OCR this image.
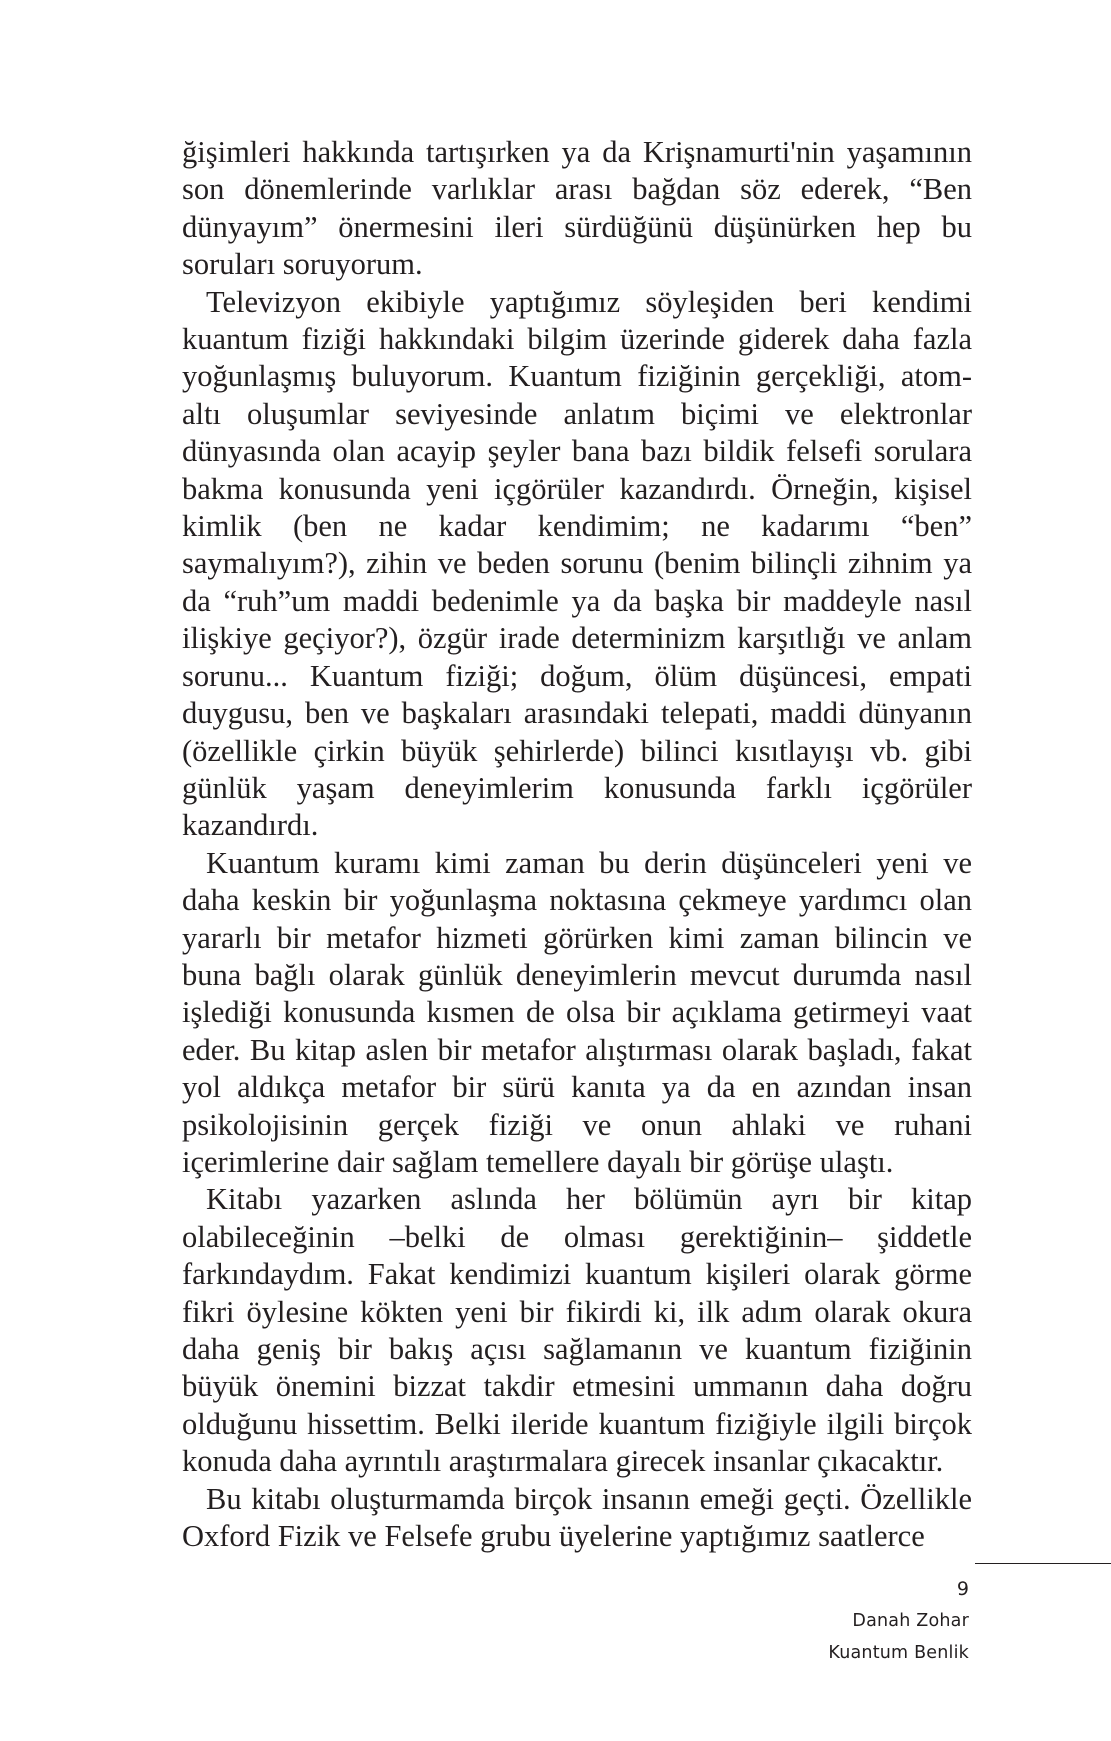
ğişimleri hakkında tartışırken ya da Krişnamurti'nin yaşamının son dönemlerinde varlıklar arası bağdan söz ederek, “Ben dünyayım” önermesini ileri sürdüğünü düşünürken hep bu soruları soruyorum.

Televizyon ekibiyle yaptığımız söyleşiden beri kendimi kuantum fiziği hakkındaki bilgim üzerinde giderek daha fazla yoğunlaşmış buluyorum. Kuantum fiziğinin gerçekliği, atom-altı oluşumlar seviyesinde anlatım biçimi ve elektronlar dünyasında olan acayip şeyler bana bazı bildik felsefi sorulara bakma konusunda yeni içgörüler kazandırdı. Örneğin, kişisel kimlik (ben ne kadar kendimim; ne kadarımı “ben” saymalıyım?), zihin ve beden sorunu (benim bilinçli zihnim ya da “ruh”um maddi bedenimle ya da başka bir maddeyle nasıl ilişkiye geçiyor?), özgür irade determinizm karşıtlığı ve anlam sorunu... Kuantum fiziği; doğum, ölüm düşüncesi, empati duygusu, ben ve başkaları arasındaki telepati, maddi dünyanın (özellikle çirkin büyük şehirlerde) bilinci kısıtlayışı vb. gibi günlük yaşam deneyimlerim konusunda farklı içgörüler kazandırdı.

Kuantum kuramı kimi zaman bu derin düşünceleri yeni ve daha keskin bir yoğunlaşma noktasına çekmeye yardımcı olan yararlı bir metafor hizmeti görürken kimi zaman bilincin ve buna bağlı olarak günlük deneyimlerin mevcut durumda nasıl işlediği konusunda kısmen de olsa bir açıklama getirmeyi vaat eder. Bu kitap aslen bir metafor alıştırması olarak başladı, fakat yol aldıkça metafor bir sürü kanıta ya da en azından insan psikolojisinin gerçek fiziği ve onun ahlaki ve ruhani içerimlerine dair sağlam temellere dayalı bir görüşe ulaştı.

Kitabı yazarken aslında her bölümün ayrı bir kitap olabileceğinin –belki de olması gerektiğinin– şiddetle farkındaydım. Fakat kendimizi kuantum kişileri olarak görme fikri öylesine kökten yeni bir fikirdi ki, ilk adım olarak okura daha geniş bir bakış açısı sağlamanın ve kuantum fiziğinin büyük önemini bizzat takdir etmesini ummanın daha doğru olduğunu hissettim. Belki ileride kuantum fiziğiyle ilgili birçok konuda daha ayrıntılı araştırmalara girecek insanlar çıkacaktır.

Bu kitabı oluşturmamda birçok insanın emeği geçti. Özellikle Oxford Fizik ve Felsefe grubu üyelerine yaptığımız saatlerce

9
Danah Zohar
Kuantum Benlik
